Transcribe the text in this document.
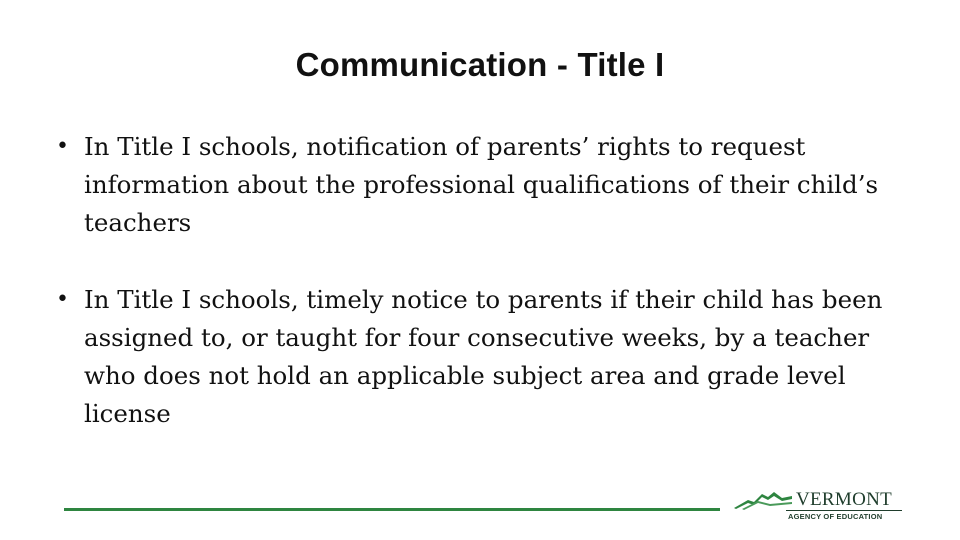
Communication - Title I
• In Title I schools, notification of parents’ rights to request information about the professional qualifications of their child’s teachers
• In Title I schools, timely notice to parents if their child has been assigned to, or taught for four consecutive weeks, by a teacher who does not hold an applicable subject area and grade level license
VERMONT
AGENCY OF EDUCATION
